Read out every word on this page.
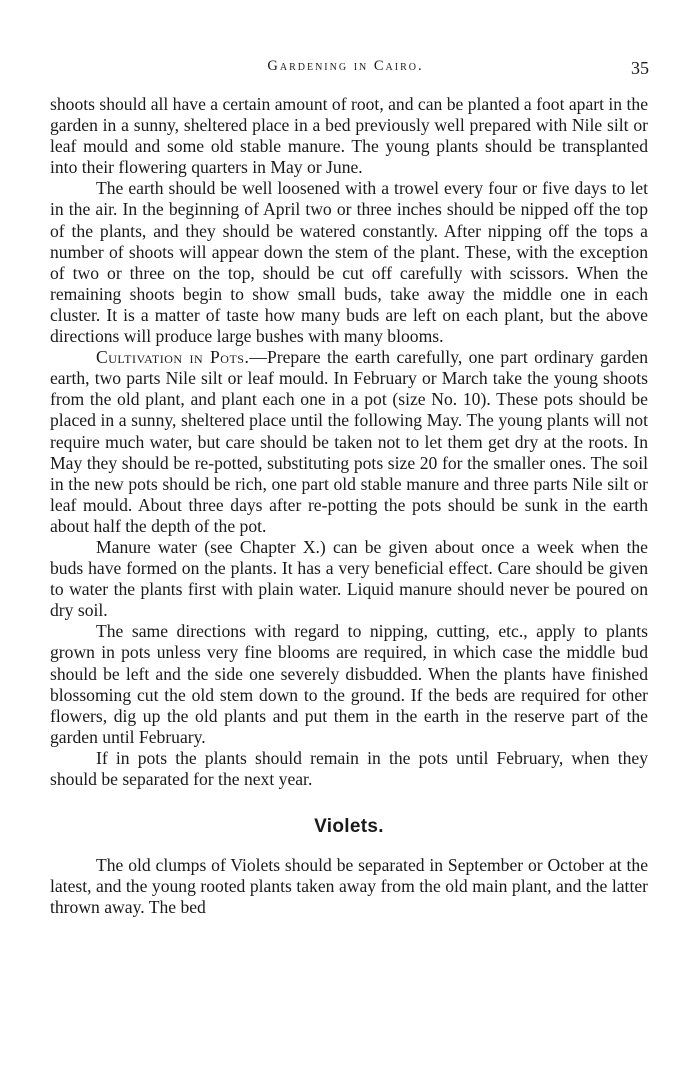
Gardening in Cairo.	35

shoots should all have a certain amount of root, and can be planted a foot apart in the garden in a sunny, sheltered place in a bed previously well prepared with Nile silt or leaf mould and some old stable manure. The young plants should be transplanted into their flowering quarters in May or June.

The earth should be well loosened with a trowel every four or five days to let in the air. In the beginning of April two or three inches should be nipped off the top of the plants, and they should be watered constantly. After nipping off the tops a number of shoots will appear down the stem of the plant. These, with the exception of two or three on the top, should be cut off carefully with scissors. When the remaining shoots begin to show small buds, take away the middle one in each cluster. It is a matter of taste how many buds are left on each plant, but the above directions will produce large bushes with many blooms.

Cultivation in Pots.—Prepare the earth carefully, one part ordinary garden earth, two parts Nile silt or leaf mould. In February or March take the young shoots from the old plant, and plant each one in a pot (size No. 10). These pots should be placed in a sunny, sheltered place until the following May. The young plants will not require much water, but care should be taken not to let them get dry at the roots. In May they should be re-potted, substituting pots size 20 for the smaller ones. The soil in the new pots should be rich, one part old stable manure and three parts Nile silt or leaf mould. About three days after re-potting the pots should be sunk in the earth about half the depth of the pot.

Manure water (see Chapter X.) can be given about once a week when the buds have formed on the plants. It has a very beneficial effect. Care should be given to water the plants first with plain water. Liquid manure should never be poured on dry soil.

The same directions with regard to nipping, cutting, etc., apply to plants grown in pots unless very fine blooms are required, in which case the middle bud should be left and the side one severely disbudded. When the plants have finished blossoming cut the old stem down to the ground. If the beds are required for other flowers, dig up the old plants and put them in the earth in the reserve part of the garden until February.

If in pots the plants should remain in the pots until February, when they should be separated for the next year.

Violets.

The old clumps of Violets should be separated in September or October at the latest, and the young rooted plants taken away from the old main plant, and the latter thrown away. The bed
